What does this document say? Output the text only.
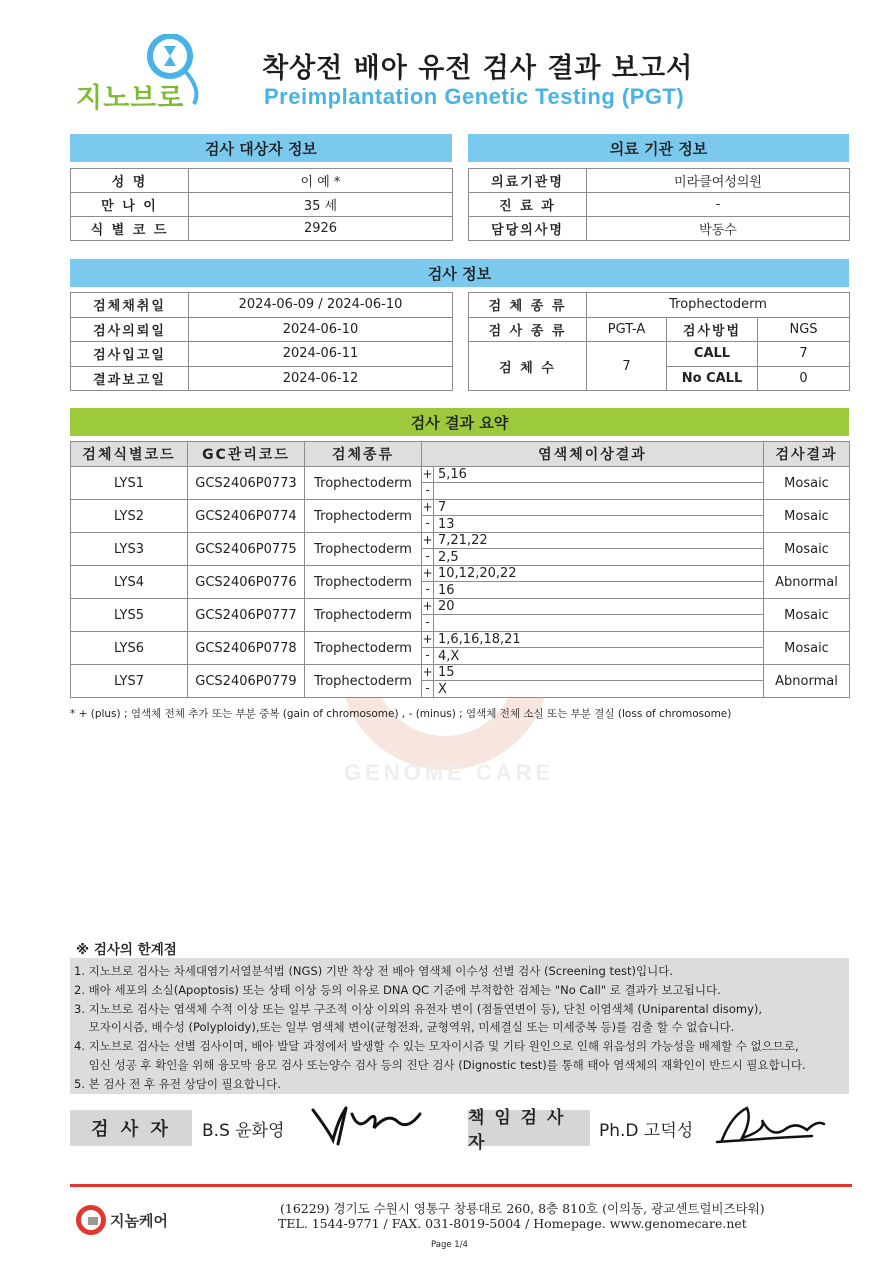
지노브로
착상전 배아 유전 검사 결과 보고서
Preimplantation Genetic Testing (PGT)
검사 대상자 정보
성 명	이 예 *
만 나 이	35 세
식 별 코 드	2926
의료 기관 정보
의료기관명	미라클여성의원
진 료 과	-
담당의사명	박동수
검사 정보
검체채취일	2024-06-09 / 2024-06-10
검사의뢰일	2024-06-10
검사입고일	2024-06-11
결과보고일	2024-06-12
검 체 종 류	Trophectoderm		
검 사 종 류	PGT-A	검사방법	NGS
검 체 수	7	CALL	7
		No CALL	0
검사 결과 요약
검체식별코드	GC관리코드	검체종류	염색체이상결과	검사결과
LYS1	GCS2406P0773	Trophectoderm	+ 5,16
-	Mosaic
LYS2	GCS2406P0774	Trophectoderm	+ 7
- 13	Mosaic
LYS3	GCS2406P0775	Trophectoderm	+ 7,21,22
- 2,5	Mosaic
LYS4	GCS2406P0776	Trophectoderm	+ 10,12,20,22
- 16	Abnormal
LYS5	GCS2406P0777	Trophectoderm	+ 20
-	Mosaic
LYS6	GCS2406P0778	Trophectoderm	+ 1,6,16,18,21
- 4,X	Mosaic
LYS7	GCS2406P0779	Trophectoderm	+ 15
- X	Abnormal
* + (plus) ; 염색체 전체 추가 또는 부분 중복 (gain of chromosome) , - (minus) ; 염색체 전체 소실 또는 부분 결실 (loss of chromosome)
GENOME CARE
※ 검사의 한계점
1. 지노브로 검사는 차세대염기서열분석법 (NGS) 기반 착상 전 배아 염색체 이수성 선별 검사 (Screening test)입니다.
2. 배아 세포의 소실(Apoptosis) 또는 상태 이상 등의 이유로 DNA QC 기준에 부적합한 검체는 "No Call" 로 결과가 보고됩니다.
3. 지노브로 검사는 염색체 수적 이상 또는 일부 구조적 이상 이외의 유전자 변이 (점돌연변이 등), 단친 이염색체 (Uniparental disomy),
모자이시즘, 배수성 (Polyploidy),또는 일부 염색체 변이(균형전좌, 균형역위, 미세결실 또는 미세중복 등)를 검출 할 수 없습니다.
4. 지노브로 검사는 선별 검사이며, 배아 발달 과정에서 발생할 수 있는 모자이시즘 및 기타 원인으로 인해 위음성의 가능성을 배제할 수 없으므로,
임신 성공 후 확인을 위해 융모막 융모 검사 또는양수 검사 등의 진단 검사 (Dignostic test)를 통해 태아 염색체의 재확인이 반드시 필요합니다.
5. 본 검사 전 후 유전 상담이 필요합니다.
검 사 자	B.S 윤화영
책 임 검 사 자
Ph.D 고덕성
지놈케어
(16229) 경기도 수원시 영통구 창룡대로 260, 8층 810호 (이의동, 광교센트럴비즈타워)
TEL. 1544-9771 / FAX. 031-8019-5004 / Homepage. www.genomecare.net
Page 1/4
